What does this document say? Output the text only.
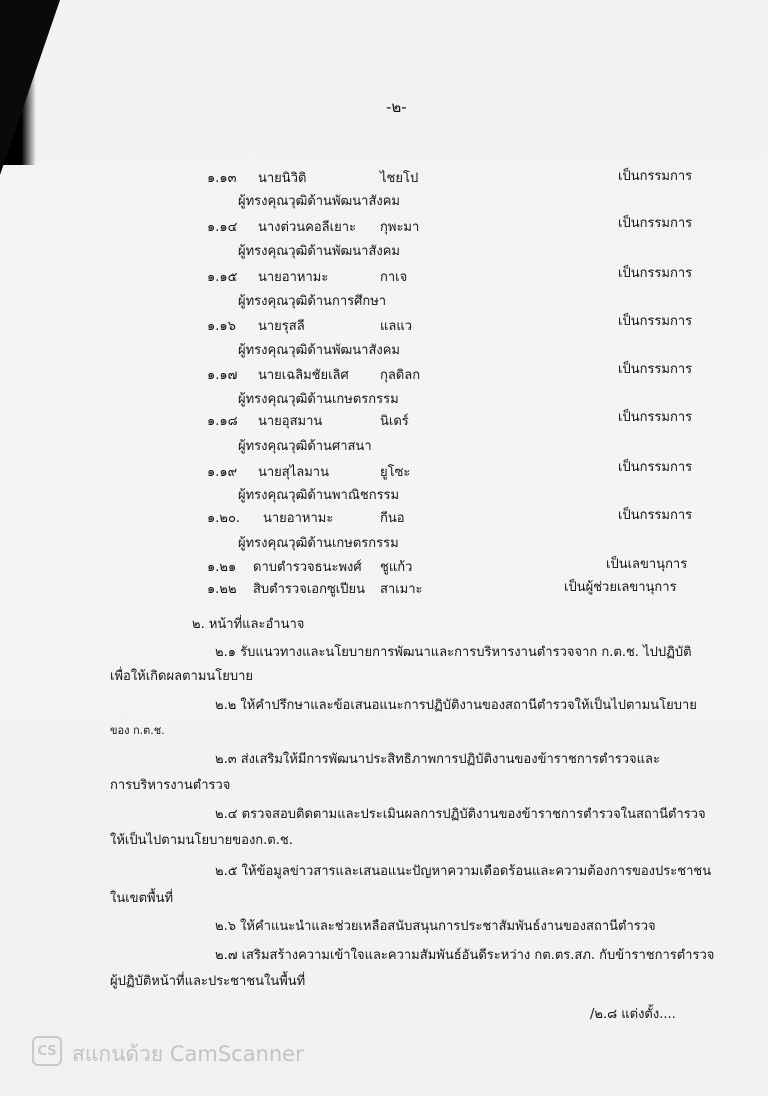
-๒-
๑.๑๓ นายนิวิติ	ไชยโป	เป็นกรรมการ
ผู้ทรงคุณวุฒิด้านพัฒนาสังคม
๑.๑๔ นางต่วนคอลีเยาะ กุพะมา	เป็นกรรมการ
ผู้ทรงคุณวุฒิด้านพัฒนาสังคม
๑.๑๕ นายอาหามะ	กาเจ	เป็นกรรมการ
ผู้ทรงคุณวุฒิด้านการศึกษา
๑.๑๖ นายรุสลี	แลแว	เป็นกรรมการ
ผู้ทรงคุณวุฒิด้านพัฒนาสังคม
๑.๑๗ นายเฉลิมชัยเลิศ กุลดิลก	เป็นกรรมการ
ผู้ทรงคุณวุฒิด้านเกษตรกรรม
๑.๑๘ นายอุสมาน	นิเดร์	เป็นกรรมการ
ผู้ทรงคุณวุฒิด้านศาสนา
๑.๑๙ นายสุไลมาน	ยูโซะ	เป็นกรรมการ
ผู้ทรงคุณวุฒิด้านพาณิชกรรม
๑.๒๐. นายอาหามะ	กีนอ	เป็นกรรมการ
ผู้ทรงคุณวุฒิด้านเกษตรกรรม
๑.๒๑ ดาบตำรวจธนะพงศ์ ชูแก้ว	เป็นเลขานุการ
๑.๒๒ สิบตำรวจเอกซูเปียน สาเมาะ	เป็นผู้ช่วยเลขานุการ
๒. หน้าที่และอำนาจ
๒.๑ รับแนวทางและนโยบายการพัฒนาและการบริหารงานตำรวจจาก ก.ต.ช. ไปปฏิบัติ
เพื่อให้เกิดผลตามนโยบาย
๒.๒ ให้คำปรึกษาและข้อเสนอแนะการปฏิบัติงานของสถานีตำรวจให้เป็นไปตามนโยบาย
ของ ก.ต.ช.
๒.๓ ส่งเสริมให้มีการพัฒนาประสิทธิภาพการปฏิบัติงานของข้าราชการตำรวจและ
การบริหารงานตำรวจ
๒.๔ ตรวจสอบติดตามและประเมินผลการปฏิบัติงานของข้าราชการตำรวจในสถานีตำรวจ
ให้เป็นไปตามนโยบายของก.ต.ช.
๒.๕ ให้ข้อมูลข่าวสารและเสนอแนะปัญหาความเดือดร้อนและความต้องการของประชาชน
ในเขตพื้นที่
๒.๖ ให้คำแนะนำและช่วยเหลือสนับสนุนการประชาสัมพันธ์งานของสถานีตำรวจ
๒.๗ เสริมสร้างความเข้าใจและความสัมพันธ์อันดีระหว่าง กต.ตร.สภ. กับข้าราชการตำรวจ
ผู้ปฏิบัติหน้าที่และประชาชนในพื้นที่
/๒.๘ แต่งตั้ง....
CS สแกนด้วย CamScanner
